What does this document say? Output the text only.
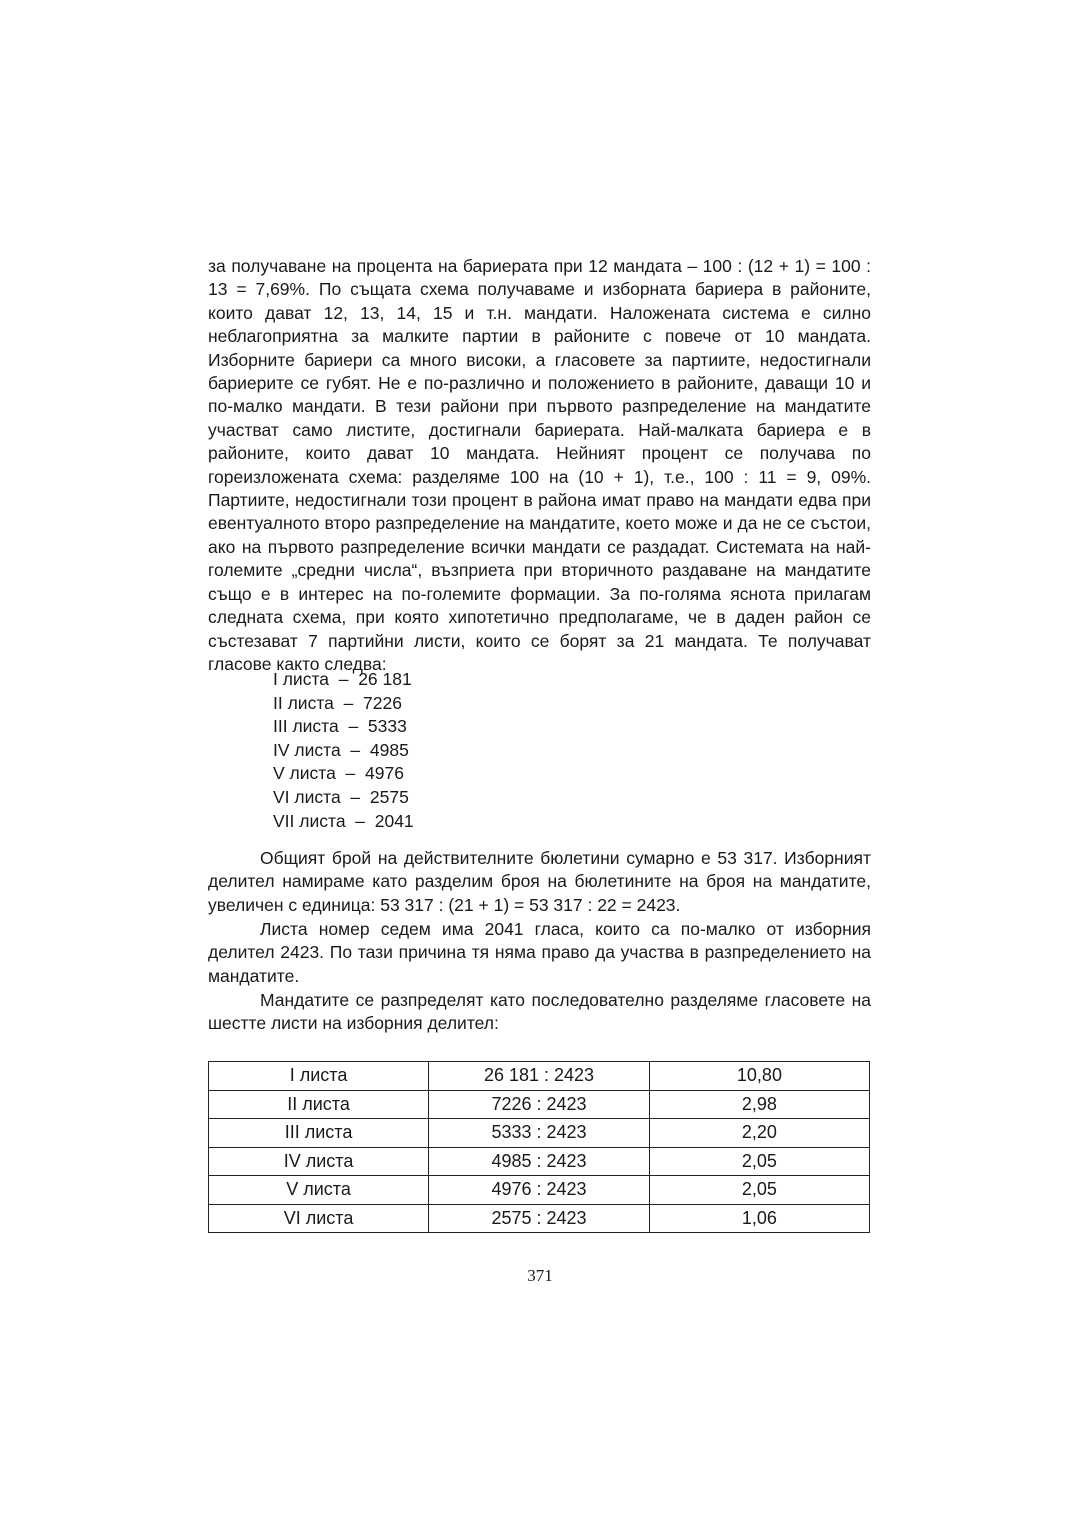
за получаване на процента на бариерата при 12 мандата – 100 : (12 + 1) = 100 : 13 = 7,69%. По същата схема получаваме и изборната бариера в районите, които дават 12, 13, 14, 15 и т.н. мандати. Наложената система е силно неблагоприятна за малките партии в районите с повече от 10 мандата. Изборните бариери са много високи, а гласовете за партиите, недостигнали бариерите се губят. Не е по-различно и положението в районите, даващи 10 и по-малко мандати. В тези райони при първото разпределение на мандатите участват само листите, достигнали бариерата. Най-малката бариера е в районите, които дават 10 мандата. Нейният процент се получава по гореизложената схема: разделяме 100 на (10 + 1), т.е., 100 : 11 = 9, 09%. Партиите, недостигнали този процент в района имат право на мандати едва при евентуалното второ разпределение на мандатите, което може и да не се състои, ако на първото разпределение всички мандати се раздадат. Системата на най-големите „средни числа“, възприета при вторичното раздаване на мандатите също е в интерес на по-големите формации. За по-голяма яснота прилагам следната схема, при която хипотетично предполагаме, че в даден район се състезават 7 партийни листи, които се борят за 21 мандата. Те получават гласове както следва:

I листа  –  26 181
II листа  –  7226
III листа  –  5333
IV листа  –  4985
V листа  –  4976
VI листа  –  2575
VII листа  –  2041

Общият брой на действителните бюлетини сумарно е 53 317. Изборният делител намираме като разделим броя на бюлетините на броя на мандатите, увеличен с единица: 53 317 : (21 + 1) = 53 317 : 22 = 2423.

Листа номер седем има 2041 гласа, които са по-малко от изборния делител 2423. По тази причина тя няма право да участва в разпределението на мандатите.

Мандатите се разпределят като последователно разделяме гласовете на шестте листи на изборния делител:

I листа	26 181 : 2423	10,80
II листа	7226 : 2423	2,98
III листа	5333 : 2423	2,20
IV листа	4985 : 2423	2,05
V листа	4976 : 2423	2,05
VI листа	2575 : 2423	1,06
371
